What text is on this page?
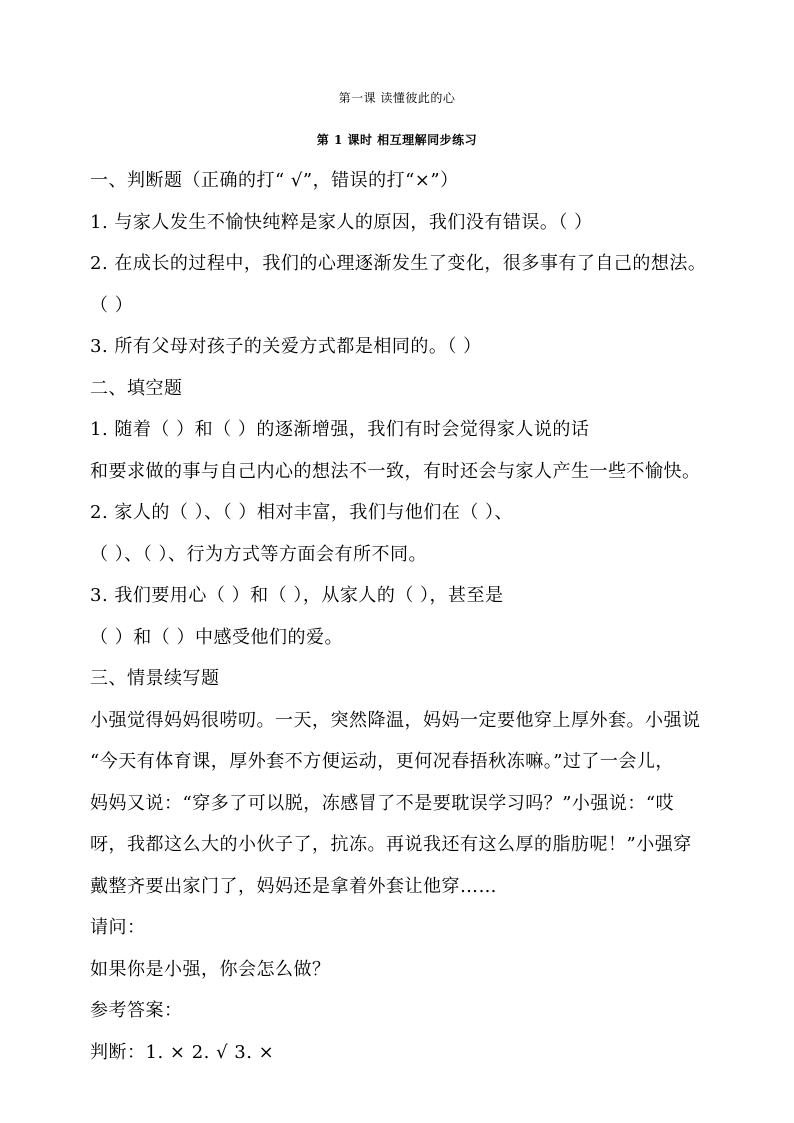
第一课 读懂彼此的心
第 1 课时 相互理解同步练习
一、判断题（正确的打“ √”，错误的打“×”）
1. 与家人发生不愉快纯粹是家人的原因，我们没有错误。（ ）
2. 在成长的过程中，我们的心理逐渐发生了变化，很多事有了自己的想法。
（ ）
3. 所有父母对孩子的关爱方式都是相同的。（ ）
二、填空题
1. 随着（ ）和（ ）的逐渐增强，我们有时会觉得家人说的话
和要求做的事与自己内心的想法不一致，有时还会与家人产生一些不愉快。
2. 家人的（ ）、（ ）相对丰富，我们与他们在（ ）、
（ ）、（ ）、行为方式等方面会有所不同。
3. 我们要用心（ ）和（ ），从家人的（ ），甚至是
（ ）和（ ）中感受他们的爱。
三、情景续写题
小强觉得妈妈很唠叨。一天，突然降温，妈妈一定要他穿上厚外套。小强说
“今天有体育课，厚外套不方便运动，更何况春捂秋冻嘛。”过了一会儿，
妈妈又说：“穿多了可以脱，冻感冒了不是要耽误学习吗？”小强说：“哎
呀，我都这么大的小伙子了，抗冻。再说我还有这么厚的脂肪呢！”小强穿
戴整齐要出家门了，妈妈还是拿着外套让他穿……
请问：
如果你是小强，你会怎么做？
参考答案：
判断：1. × 2. √ 3. ×
